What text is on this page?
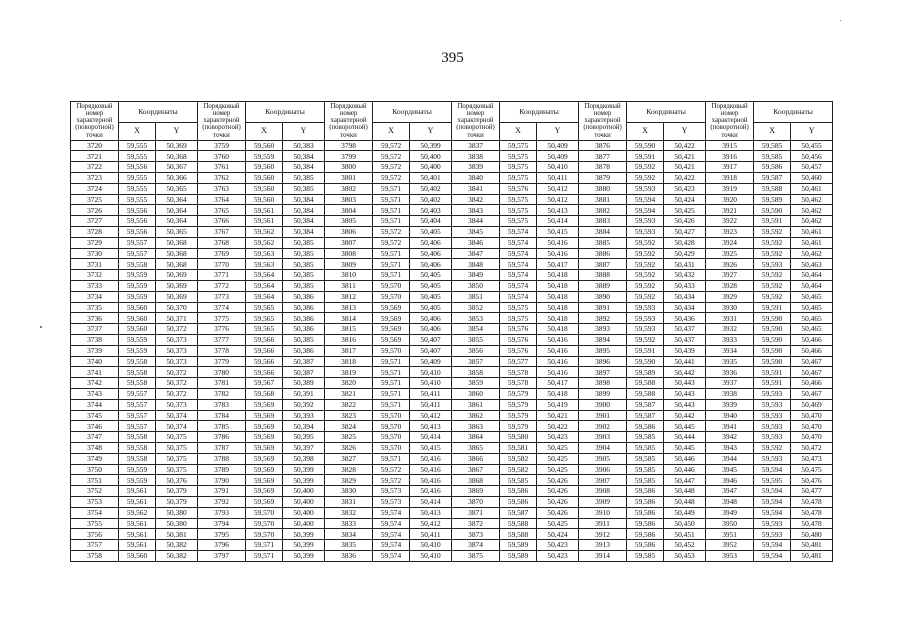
395
Порядковый номер характерной (поворотной) точки	Координаты		Порядковый номер характерной (поворотной) точки	Координаты		Порядковый номер характерной (поворотной) точки	Координаты		Порядковый номер характерной (поворотной) точки	Координаты		Порядковый номер характерной (поворотной) точки	Координаты		Порядковый номер характерной (поворотной) точки	Координаты	
	X	Y		X	Y		X	Y		X	Y		X	Y		X	Y
3720	59,555	50,369	3759	59,560	50,383	3798	59,572	50,399	3837	59,575	50,409	3876	59,590	50,422	3915	59,585	50,455
3721	59,555	50,368	3760	59,559	50,384	3799	59,572	50,400	3838	59,575	50,409	3877	59,591	50,421	3916	59,585	50,456
3722	59,556	50,367	3761	59,560	50,384	3800	59,572	50,400	3839	59,575	50,410	3878	59,592	50,421	3917	59,586	50,457
3723	59,555	50,366	3762	59,560	50,385	3801	59,572	50,401	3840	59,575	50,411	3879	59,592	50,422	3918	59,587	50,460
3724	59,555	50,365	3763	59,560	50,385	3802	59,571	50,402	3841	59,576	50,412	3880	59,593	50,423	3919	59,588	50,461
3725	59,555	50,364	3764	59,560	50,384	3803	59,571	50,402	3842	59,575	50,412	3881	59,594	50,424	3920	59,589	50,462
3726	59,556	50,364	3765	59,561	50,384	3804	59,571	50,403	3843	59,575	50,413	3882	59,594	50,425	3921	59,590	50,462
3727	59,556	50,364	3766	59,561	50,384	3805	59,571	50,404	3844	59,575	50,414	3883	59,593	50,426	3922	59,591	50,462
3728	59,556	50,365	3767	59,562	50,384	3806	59,572	50,405	3845	59,574	50,415	3884	59,593	50,427	3923	59,592	50,461
3729	59,557	50,368	3768	59,562	50,385	3807	59,572	50,406	3846	59,574	50,416	3885	59,592	50,428	3924	59,592	50,461
3730	59,557	50,368	3769	59,563	50,385	3808	59,571	50,406	3847	59,574	50,416	3886	59,592	50,429	3925	59,592	50,462
3731	59,558	50,368	3770	59,563	50,385	3809	59,571	50,406	3848	59,574	50,417	3887	59,592	50,431	3926	59,593	50,463
3732	59,559	50,369	3771	59,564	50,385	3810	59,571	50,405	3849	59,574	50,418	3888	59,592	50,432	3927	59,592	50,464
3733	59,559	50,369	3772	59,564	50,385	3811	59,570	50,405	3850	59,574	50,418	3889	59,592	50,433	3928	59,592	50,464
3734	59,559	50,369	3773	59,564	50,386	3812	59,570	50,405	3851	59,574	50,418	3890	59,592	50,434	3929	59,592	50,465
3735	59,560	50,370	3774	59,565	50,386	3813	59,569	50,405	3852	59,575	50,418	3891	59,593	50,434	3930	59,591	50,465
3736	59,560	50,371	3775	59,565	50,386	3814	59,569	50,406	3853	59,575	50,418	3892	59,593	50,436	3931	59,590	50,465
3737	59,560	50,372	3776	59,565	50,386	3815	59,569	50,406	3854	59,576	50,418	3893	59,593	50,437	3932	59,590	50,465
3738	59,559	50,373	3777	59,566	50,385	3816	59,569	50,407	3855	59,576	50,416	3894	59,592	50,437	3933	59,590	50,466
3739	59,559	50,373	3778	59,566	50,386	3817	59,570	50,407	3856	59,576	50,416	3895	59,591	50,439	3934	59,590	50,466
3740	59,558	50,373	3779	59,566	50,387	3818	59,571	50,409	3857	59,577	50,416	3896	59,590	50,441	3935	59,590	50,467
3741	59,558	50,372	3780	59,566	50,387	3819	59,571	50,410	3858	59,578	50,416	3897	59,589	50,442	3936	59,591	50,467
3742	59,558	50,372	3781	59,567	50,389	3820	59,571	50,410	3859	59,578	50,417	3898	59,588	50,443	3937	59,591	50,466
3743	59,557	50,372	3782	59,568	50,391	3821	59,571	50,411	3860	59,579	50,418	3899	59,588	50,443	3938	59,593	50,467
3744	59,557	50,373	3783	59,569	50,392	3822	59,571	50,411	3861	59,579	50,419	3900	59,587	50,443	3939	59,593	50,469
3745	59,557	50,374	3784	59,569	50,393	3823	59,570	50,412	3862	59,579	50,421	3901	59,587	50,442	3940	59,593	50,470
3746	59,557	50,374	3785	59,569	50,394	3824	59,570	50,413	3863	59,579	50,422	3902	59,586	50,445	3941	59,593	50,470
3747	59,558	50,375	3786	59,569	50,395	3825	59,570	50,414	3864	59,580	50,423	3903	59,585	50,444	3942	59,593	50,470
3748	59,558	50,375	3787	59,569	50,397	3826	59,570	50,415	3865	59,581	50,425	3904	59,585	50,445	3943	59,592	50,472
3749	59,558	50,375	3788	59,569	50,398	3827	59,571	50,416	3866	59,582	50,425	3905	59,585	50,446	3944	59,593	50,473
3750	59,559	50,375	3789	59,569	50,399	3828	59,572	50,416	3867	59,582	50,425	3906	59,585	50,446	3945	59,594	50,475
3751	59,559	50,376	3790	59,569	50,399	3829	59,572	50,416	3868	59,585	50,426	3907	59,585	50,447	3946	59,595	50,476
3752	59,561	50,379	3791	59,569	50,400	3830	59,573	50,416	3869	59,586	50,426	3908	59,586	50,448	3947	59,594	50,477
3753	59,561	50,379	3792	59,569	50,400	3831	59,573	50,414	3870	59,586	50,426	3909	59,586	50,448	3948	59,594	50,478
3754	59,562	50,380	3793	59,570	50,400	3832	59,574	50,413	3871	59,587	50,426	3910	59,586	50,449	3949	59,594	50,478
3755	59,561	50,380	3794	59,570	50,400	3833	59,574	50,412	3872	59,588	50,425	3911	59,586	50,450	3950	59,593	50,478
3756	59,561	50,381	3795	59,570	50,399	3834	59,574	50,411	3873	59,588	50,424	3912	59,586	50,451	3951	59,593	50,480
3757	59,561	50,382	3796	59,571	50,399	3835	59,574	50,410	3874	59,589	50,423	3913	59,586	50,452	3952	59,594	50,481
3758	59,560	50,382	3797	59,571	50,399	3836	59,574	50,410	3875	59,589	50,423	3914	59,585	50,453	3953	59,594	50,481
